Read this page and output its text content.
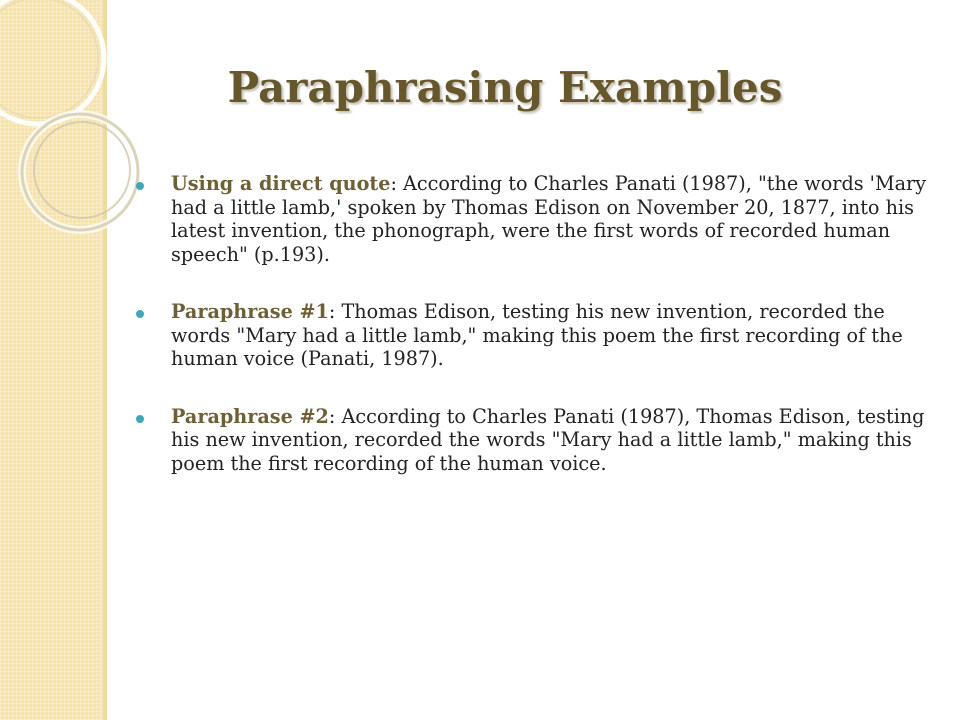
Paraphrasing Examples

Using a direct quote: According to Charles Panati (1987), "the words 'Mary had a little lamb,' spoken by Thomas Edison on November 20, 1877, into his latest invention, the phonograph, were the first words of recorded human speech" (p.193).

Paraphrase #1: Thomas Edison, testing his new invention, recorded the words "Mary had a little lamb," making this poem the first recording of the human voice (Panati, 1987).

Paraphrase #2: According to Charles Panati (1987), Thomas Edison, testing his new invention, recorded the words "Mary had a little lamb," making this poem the first recording of the human voice.
